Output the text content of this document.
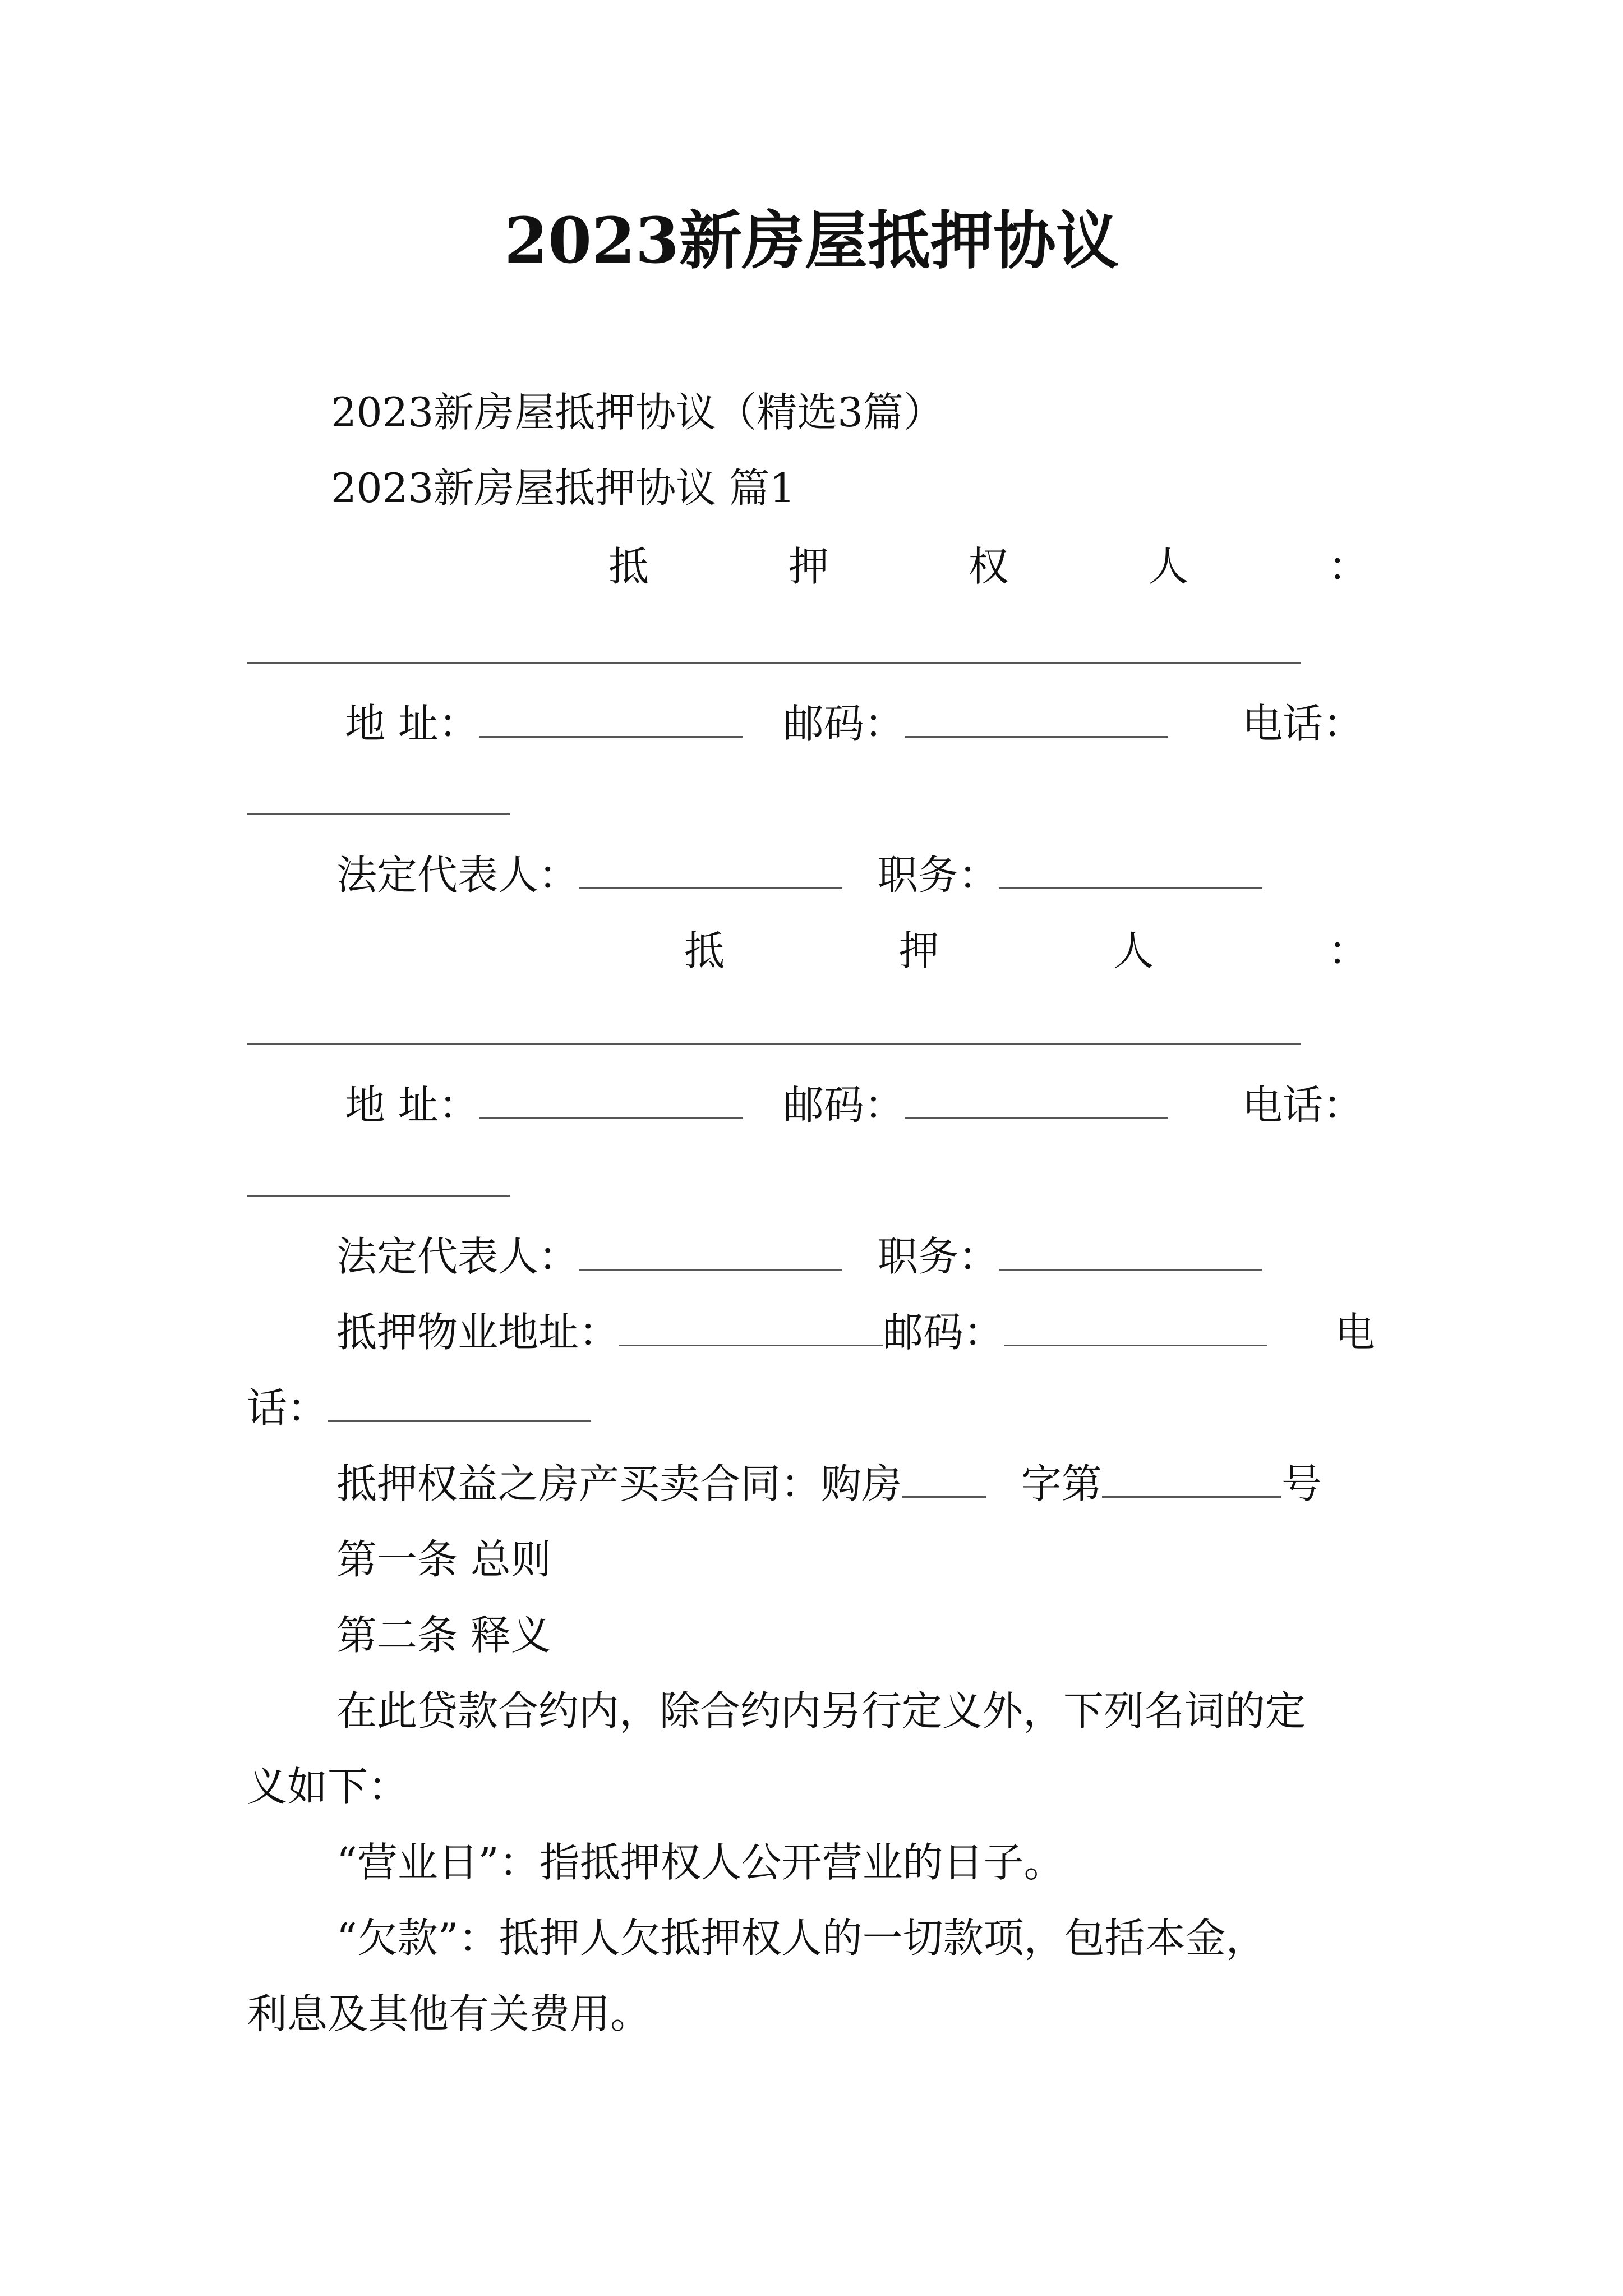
2023新房屋抵押协议
2023新房屋抵押协议（精选3篇）
2023新房屋抵押协议 篇1
抵	押	权	人	：
地 址：	邮码：	电话：
法定代表人：	职务：
抵	押	人	：
地 址：	邮码：	电话：
法定代表人：	职务：
抵押物业地址：	邮码：	电
话：
抵押权益之房产买卖合同：购房	字第	号
第一条 总则
第二条 释义
在此贷款合约内，除合约内另行定义外，下列名词的定
义如下：
“营业日”：指抵押权人公开营业的日子。
“欠款”：抵押人欠抵押权人的一切款项，包括本金，
利息及其他有关费用。
